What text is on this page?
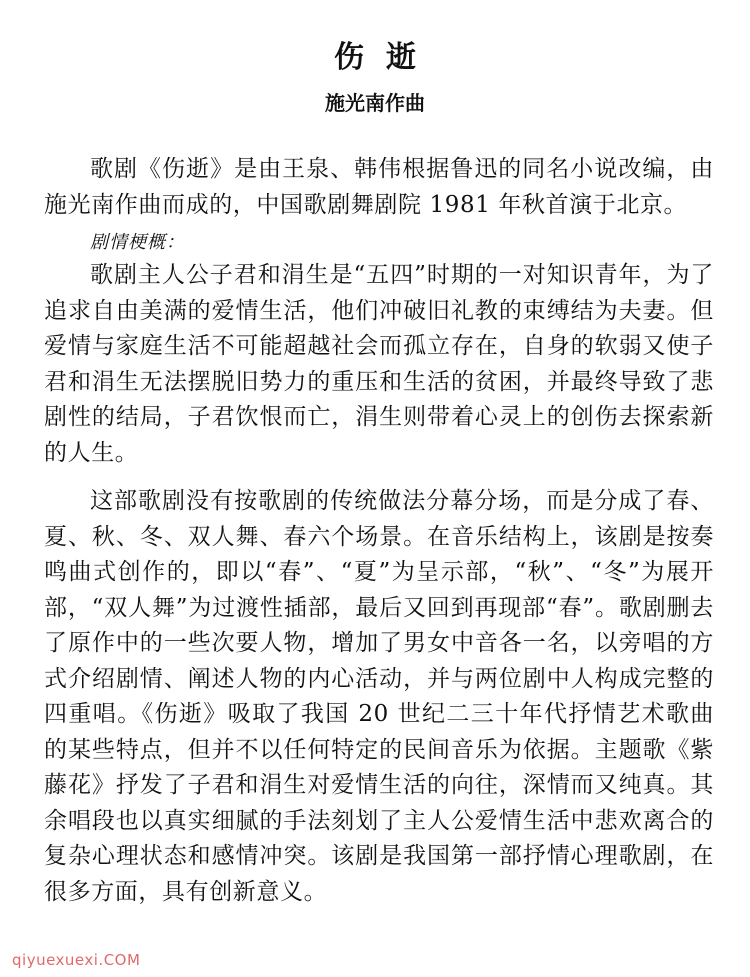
伤逝
施光南作曲

歌剧《伤逝》是由王泉、韩伟根据鲁迅的同名小说改编，由施光南作曲而成的，中国歌剧舞剧院 1981 年秋首演于北京。

剧情梗概：

歌剧主人公子君和涓生是“五四”时期的一对知识青年，为了追求自由美满的爱情生活，他们冲破旧礼教的束缚结为夫妻。但爱情与家庭生活不可能超越社会而孤立存在，自身的软弱又使子君和涓生无法摆脱旧势力的重压和生活的贫困，并最终导致了悲剧性的结局，子君饮恨而亡，涓生则带着心灵上的创伤去探索新的人生。

这部歌剧没有按歌剧的传统做法分幕分场，而是分成了春、夏、秋、冬、双人舞、春六个场景。在音乐结构上，该剧是按奏鸣曲式创作的，即以“春”、“夏”为呈示部，“秋”、“冬”为展开部，“双人舞”为过渡性插部，最后又回到再现部“春”。歌剧删去了原作中的一些次要人物，增加了男女中音各一名，以旁唱的方式介绍剧情、阐述人物的内心活动，并与两位剧中人构成完整的四重唱。《伤逝》吸取了我国 20 世纪二三十年代抒情艺术歌曲的某些特点，但并不以任何特定的民间音乐为依据。主题歌《紫藤花》抒发了子君和涓生对爱情生活的向往，深情而又纯真。其余唱段也以真实细腻的手法刻划了主人公爱情生活中悲欢离合的复杂心理状态和感情冲突。该剧是我国第一部抒情心理歌剧，在很多方面，具有创新意义。

qiyuexuexi.COM
